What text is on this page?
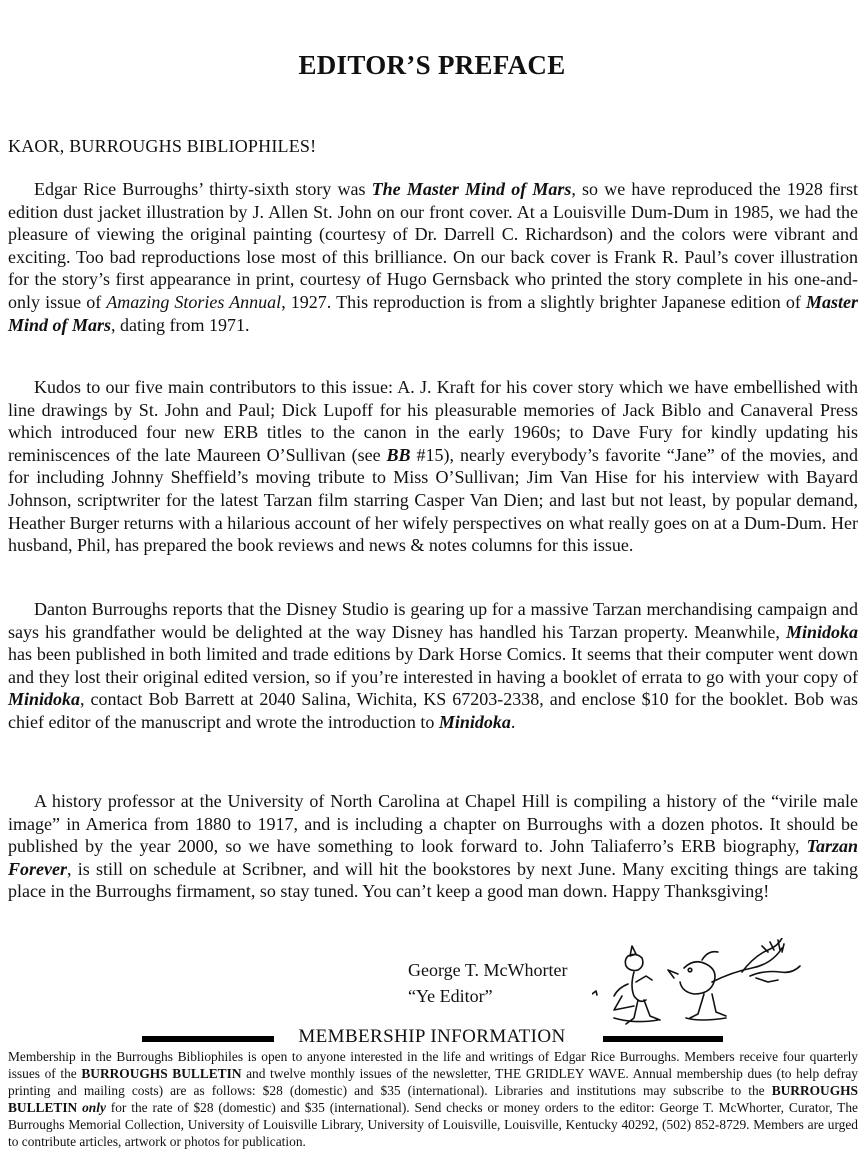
EDITOR’S PREFACE
KAOR, BURROUGHS BIBLIOPHILES!

Edgar Rice Burroughs’ thirty-sixth story was The Master Mind of Mars, so we have reproduced the 1928 first edition dust jacket illustration by J. Allen St. John on our front cover. At a Louisville Dum-Dum in 1985, we had the pleasure of viewing the original painting (courtesy of Dr. Darrell C. Richardson) and the colors were vibrant and exciting. Too bad reproductions lose most of this brilliance. On our back cover is Frank R. Paul’s cover illustration for the story’s first appearance in print, courtesy of Hugo Gernsback who printed the story complete in his one-and-only issue of Amazing Stories Annual, 1927. This reproduction is from a slightly brighter Japanese edition of Master Mind of Mars, dating from 1971.

Kudos to our five main contributors to this issue: A. J. Kraft for his cover story which we have embellished with line drawings by St. John and Paul; Dick Lupoff for his pleasurable memories of Jack Biblo and Canaveral Press which introduced four new ERB titles to the canon in the early 1960s; to Dave Fury for kindly updating his reminiscences of the late Maureen O’Sullivan (see BB #15), nearly everybody’s favorite “Jane” of the movies, and for including Johnny Sheffield’s moving tribute to Miss O’Sullivan; Jim Van Hise for his interview with Bayard Johnson, scriptwriter for the latest Tarzan film starring Casper Van Dien; and last but not least, by popular demand, Heather Burger returns with a hilarious account of her wifely perspectives on what really goes on at a Dum-Dum. Her husband, Phil, has prepared the book reviews and news & notes columns for this issue.

Danton Burroughs reports that the Disney Studio is gearing up for a massive Tarzan merchandising campaign and says his grandfather would be delighted at the way Disney has handled his Tarzan property. Meanwhile, Minidoka has been published in both limited and trade editions by Dark Horse Comics. It seems that their computer went down and they lost their original edited version, so if you’re interested in having a booklet of errata to go with your copy of Minidoka, contact Bob Barrett at 2040 Salina, Wichita, KS 67203-2338, and enclose $10 for the booklet. Bob was chief editor of the manuscript and wrote the introduction to Minidoka.

A history professor at the University of North Carolina at Chapel Hill is compiling a history of the “virile male image” in America from 1880 to 1917, and is including a chapter on Burroughs with a dozen photos. It should be published by the year 2000, so we have something to look forward to. John Taliaferro’s ERB biography, Tarzan Forever, is still on schedule at Scribner, and will hit the bookstores by next June. Many exciting things are taking place in the Burroughs firmament, so stay tuned. You can’t keep a good man down. Happy Thanksgiving!

George T. McWhorter
“Ye Editor”
MEMBERSHIP INFORMATION

Membership in the Burroughs Bibliophiles is open to anyone interested in the life and writings of Edgar Rice Burroughs. Members receive four quarterly issues of the BURROUGHS BULLETIN and twelve monthly issues of the newsletter, THE GRIDLEY WAVE. Annual membership dues (to help defray printing and mailing costs) are as follows: $28 (domestic) and $35 (international). Libraries and institutions may subscribe to the BURROUGHS BULLETIN only for the rate of $28 (domestic) and $35 (international). Send checks or money orders to the editor: George T. McWhorter, Curator, The Burroughs Memorial Collection, University of Louisville Library, University of Louisville, Louisville, Kentucky 40292, (502) 852-8729. Members are urged to contribute articles, artwork or photos for publication.
